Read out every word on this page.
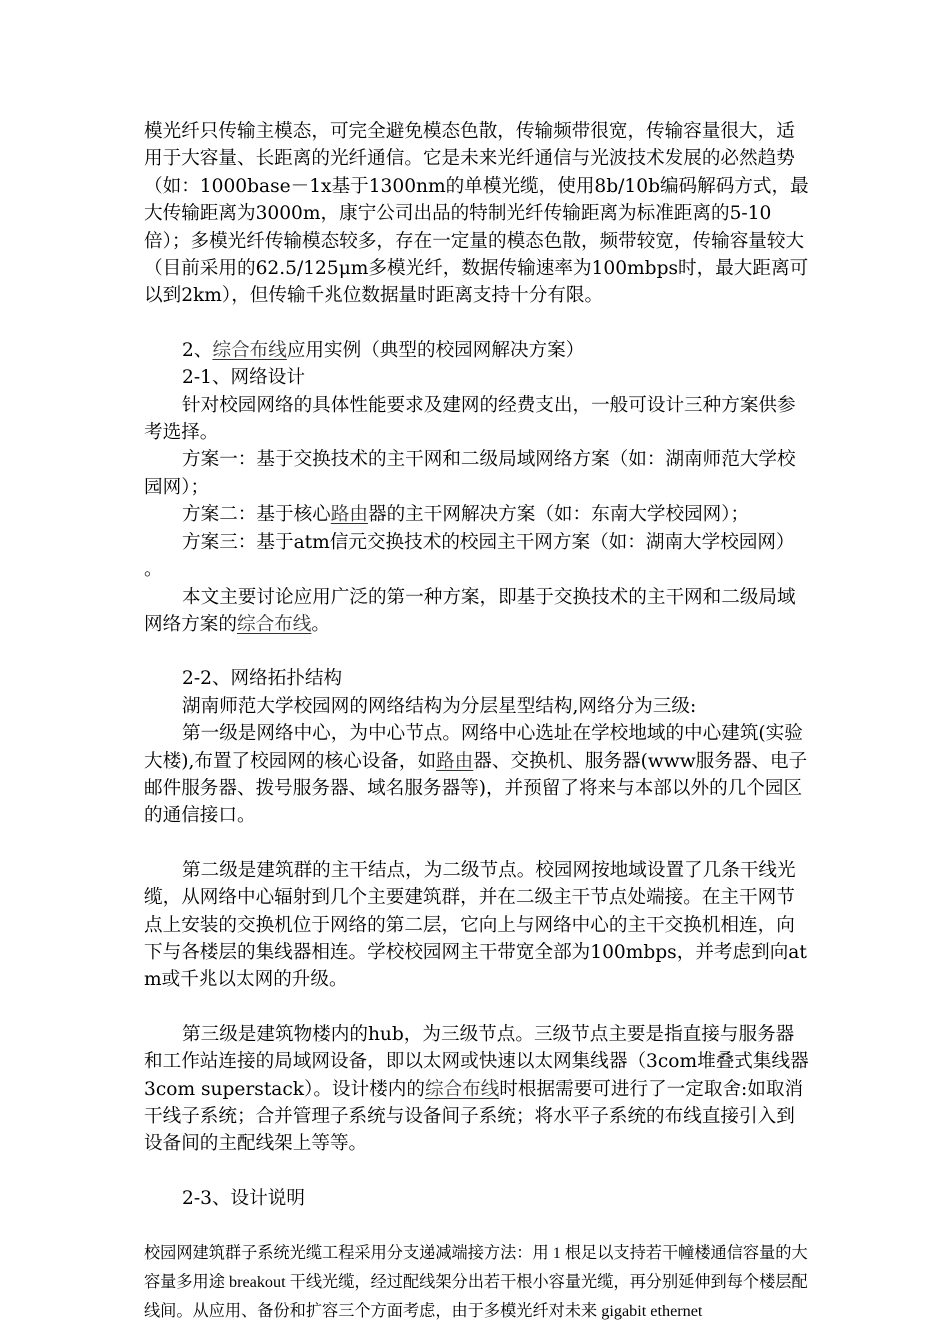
模光纤只传输主模态，可完全避免模态色散，传输频带很宽，传输容量很大，适用于大容量、长距离的光纤通信。它是未来光纤通信与光波技术发展的必然趋势（如：1000base－1x基于1300nm的单模光缆，使用8b/10b编码解码方式，最大传输距离为3000m，康宁公司出品的特制光纤传输距离为标准距离的5-10倍）；多模光纤传输模态较多，存在一定量的模态色散，频带较宽，传输容量较大（目前采用的62.5/125μm多模光纤，数据传输速率为100mbps时，最大距离可以到2km），但传输千兆位数据量时距离支持十分有限。

2、综合布线应用实例（典型的校园网解决方案）

2-1、网络设计

针对校园网络的具体性能要求及建网的经费支出，一般可设计三种方案供参考选择。

方案一：基于交换技术的主干网和二级局域网络方案（如：湖南师范大学校园网）；

方案二：基于核心路由器的主干网解决方案（如：东南大学校园网）；

方案三：基于atm信元交换技术的校园主干网方案（如：湖南大学校园网）　。

本文主要讨论应用广泛的第一种方案，即基于交换技术的主干网和二级局域网络方案的综合布线。

2-2、网络拓扑结构

湖南师范大学校园网的网络结构为分层星型结构,网络分为三级:

第一级是网络中心，为中心节点。网络中心选址在学校地域的中心建筑(实验大楼),布置了校园网的核心设备，如路由器、交换机、服务器(www服务器、电子邮件服务器、拨号服务器、域名服务器等)，并预留了将来与本部以外的几个园区的通信接口。

第二级是建筑群的主干结点，为二级节点。校园网按地域设置了几条干线光缆，从网络中心辐射到几个主要建筑群，并在二级主干节点处端接。在主干网节点上安装的交换机位于网络的第二层，它向上与网络中心的主干交换机相连，向下与各楼层的集线器相连。学校校园网主干带宽全部为100mbps，并考虑到向atm或千兆以太网的升级。

第三级是建筑物楼内的hub，为三级节点。三级节点主要是指直接与服务器和工作站连接的局域网设备，即以太网或快速以太网集线器（3com堆叠式集线器3com superstack）。设计楼内的综合布线时根据需要可进行了一定取舍:如取消干线子系统；合并管理子系统与设备间子系统；将水平子系统的布线直接引入到设备间的主配线架上等等。

2-3、设计说明

校园网建筑群子系统光缆工程采用分支递减端接方法：用 1 根足以支持若干幢楼通信容量的大容量多用途 breakout 干线光缆，经过配线架分出若干根小容量光缆，再分别延伸到每个楼层配线间。从应用、备份和扩容三个方面考虑，由于多模光纤对未来 gigabit ethernet
